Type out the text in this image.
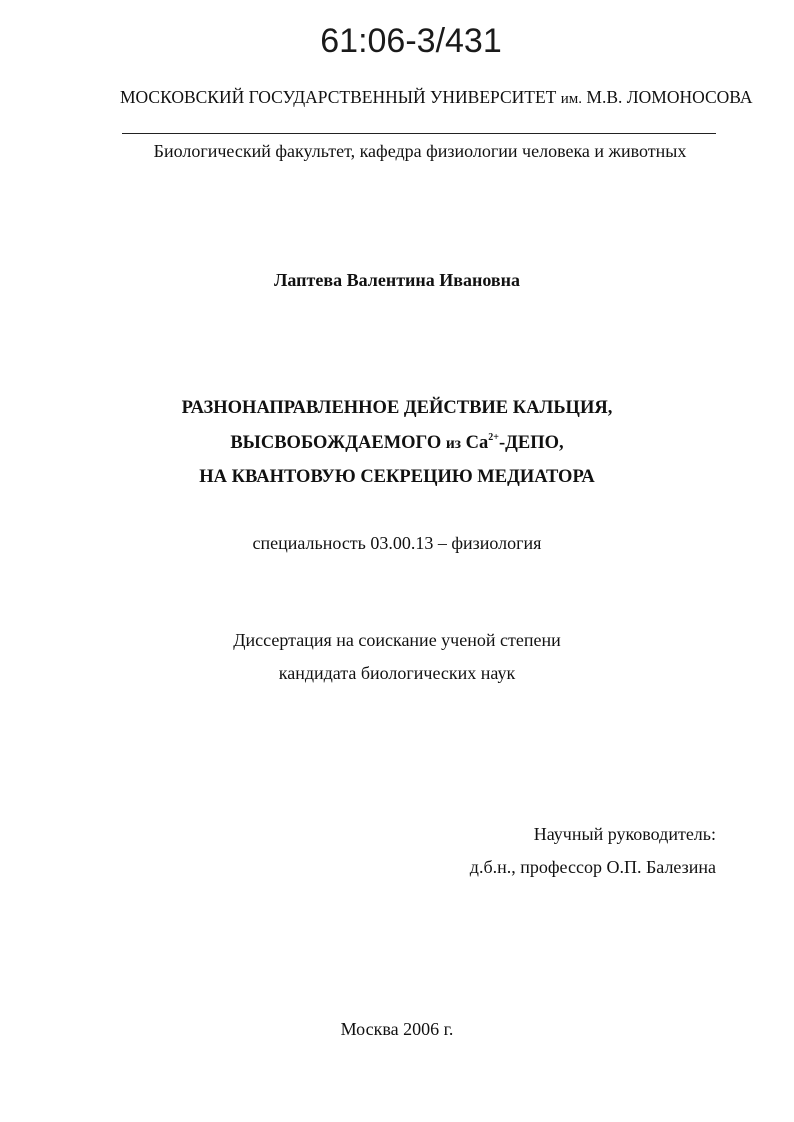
61:06-3/431
МОСКОВСКИЙ ГОСУДАРСТВЕННЫЙ УНИВЕРСИТЕТ им. М.В. ЛОМОНОСОВА
Биологический факультет, кафедра физиологии человека и животных
Лаптева Валентина Ивановна
РАЗНОНАПРАВЛЕННОЕ ДЕЙСТВИЕ КАЛЬЦИЯ,
ВЫСВОБОЖДАЕМОГО из $Ca^{2+}$-ДЕПО,
НА КВАНТОВУЮ СЕКРЕЦИЮ МЕДИАТОРА
специальность 03.00.13 – физиология
Диссертация на соискание ученой степени
кандидата биологических наук
Научный руководитель:
д.б.н., профессор О.П. Балезина
Москва 2006 г.
